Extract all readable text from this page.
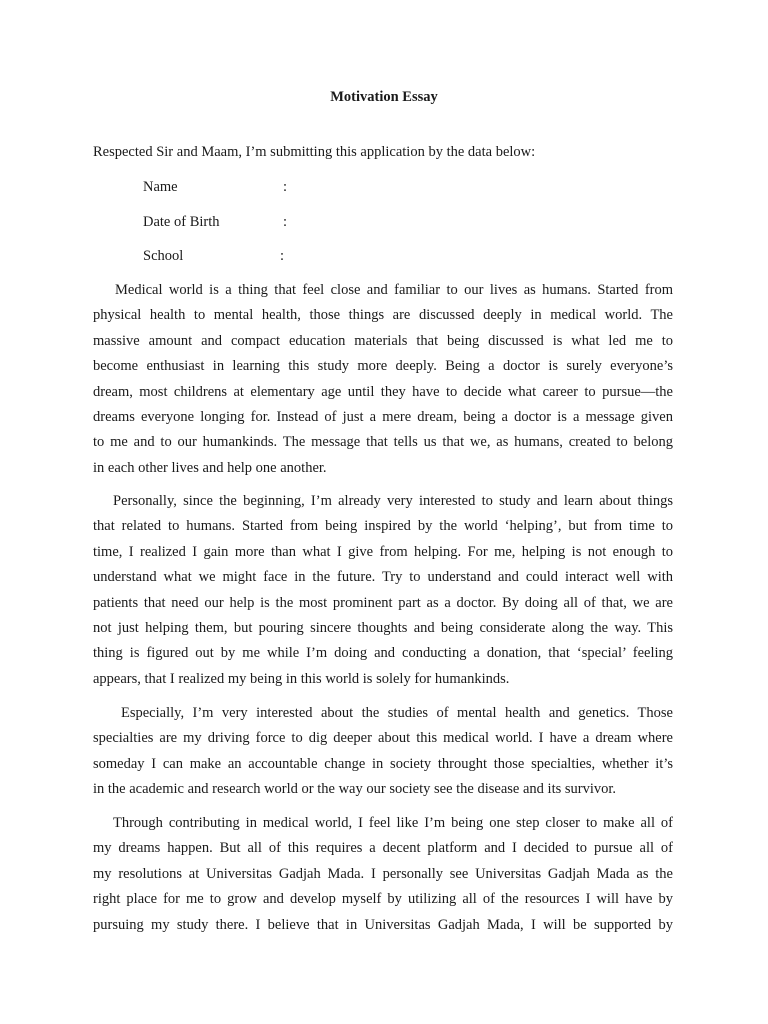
Motivation Essay
Respected Sir and Maam, I’m submitting this application by the data below:
Name	:
Date of Birth	:
School	:
Medical world is a thing that feel close and familiar to our lives as humans. Started from
physical health to mental health, those things are discussed deeply in medical world. The
massive amount and compact education materials that being discussed is what led me to
become enthusiast in learning this study more deeply. Being a doctor is surely everyone’s
dream, most childrens at elementary age until they have to decide what career to pursue—the
dreams everyone longing for. Instead of just a mere dream, being a doctor is a message given
to me and to our humankinds. The message that tells us that we, as humans, created to belong
in each other lives and help one another.
Personally, since the beginning, I’m already very interested to study and learn about things
that related to humans. Started from being inspired by the world ‘helping’, but from time to
time, I realized I gain more than what I give from helping. For me, helping is not enough to
understand what we might face in the future. Try to understand and could interact well with
patients that need our help is the most prominent part as a doctor. By doing all of that, we are
not just helping them, but pouring sincere thoughts and being considerate along the way. This
thing is figured out by me while I’m doing and conducting a donation, that ‘special’ feeling
appears, that I realized my being in this world is solely for humankinds.
Especially, I’m very interested about the studies of mental health and genetics. Those
specialties are my driving force to dig deeper about this medical world. I have a dream where
someday I can make an accountable change in society throught those specialties, whether it’s
in the academic and research world or the way our society see the disease and its survivor.
Through contributing in medical world, I feel like I’m being one step closer to make all of
my dreams happen. But all of this requires a decent platform and I decided to pursue all of
my resolutions at Universitas Gadjah Mada. I personally see Universitas Gadjah Mada as the
right place for me to grow and develop myself by utilizing all of the resources I will have by
pursuing my study there. I believe that in Universitas Gadjah Mada, I will be supported by
